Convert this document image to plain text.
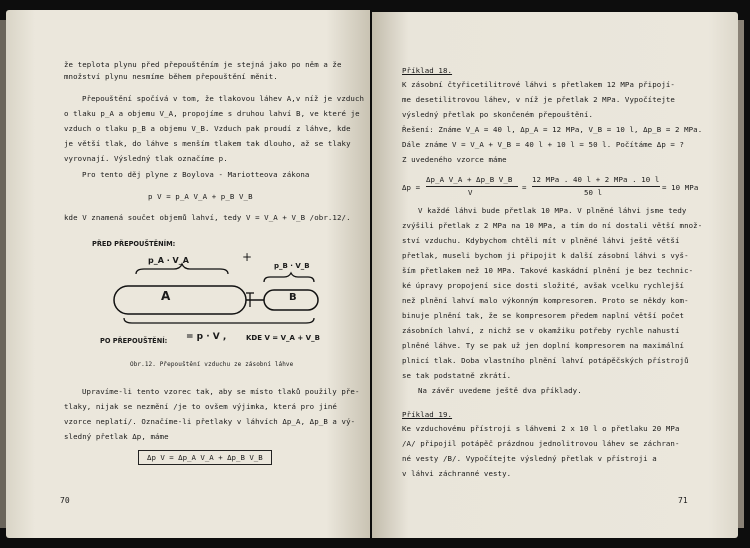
že teplota plynu před přepouštěním je stejná jako po něm a že
množství plynu nesmíme během přepouštění měnit.
Přepouštění spočívá v tom, že tlakovou láhev A,v níž je vzduch
o tlaku p_A a objemu V_A, propojíme s druhou lahví B, ve které je
vzduch o tlaku p_B a objemu V_B. Vzduch pak proudí z láhve, kde
je větší tlak, do láhve s menším tlakem tak dlouho, až se tlaky
vyrovnají. Výsledný tlak označíme p.
Pro tento děj plyne z Boylova - Mariotteova zákona
p V = p_A V_A + p_B V_B
kde V znamená součet objemů lahví, tedy V = V_A + V_B /obr.12/.
PŘED PŘEPOUŠTĚNÍM:
p_A · V_A	+
p_B · V_B
A	B
PO PŘEPOUŠTĚNÍ: = p · V ,	KDE V = V_A + V_B
Obr.12. Přepouštění vzduchu ze zásobní láhve
Upravíme-li tento vzorec tak, aby se místo tlaků použily pře-
tlaky, nijak se nezmění /je to ovšem výjimka, která pro jiné
vzorce neplatí/. Označíme-li přetlaky v láhvích Δp_A, Δp_B a vý-
sledný přetlak Δp, máme
Δp V = Δp_A V_A + Δp_B V_B
70
Příklad 18.
K zásobní čtyřicetilitrové láhvi s přetlakem 12 MPa připojí-
me desetilitrovou láhev, v níž je přetlak 2 MPa. Vypočítejte
výsledný přetlak po skončeném přepouštění.
Řešení: Známe V_A = 40 l, Δp_A = 12 MPa, V_B = 10 l, Δp_B = 2 MPa.
Dále známe V = V_A + V_B = 40 l + 10 l = 50 l. Počítáme Δp = ?
Z uvedeného vzorce máme
Δp =
Δp_A V_A + Δp_B V_B
V
=
12 MPa . 40 l + 2 MPa . 10 l
50 l
= 10 MPa
V každé láhvi bude přetlak 10 MPa. V plněné láhvi jsme tedy
zvýšili přetlak z 2 MPa na 10 MPa, a tím do ní dostali větší množ-
ství vzduchu. Kdybychom chtěli mít v plněné láhvi ještě větší
přetlak, museli bychom ji připojit k další zásobní láhvi s vyš-
ším přetlakem než 10 MPa. Takové kaskádní plnění je bez technic-
ké úpravy propojení sice dosti složité, avšak vcelku rychlejší
než plnění lahví malo výkonným kompresorem. Proto se někdy kom-
binuje plnění tak, že se kompresorem předem naplní větší počet
zásobních lahví, z nichž se v okamžiku potřeby rychle nahustí
plněné láhve. Ty se pak už jen doplní kompresorem na maximální
plnicí tlak. Doba vlastního plnění lahví potápěčských přístrojů
se tak podstatně zkrátí.
Na závěr uvedeme ještě dva příklady.
Příklad 19.
Ke vzduchovému přístroji s láhvemi 2 x 10 l o přetlaku 20 MPa
/A/ připojil potápěč prázdnou jednolitrovou láhev se záchran-
né vesty /B/. Vypočítejte výsledný přetlak v přístroji a
v láhvi záchranné vesty.
71
